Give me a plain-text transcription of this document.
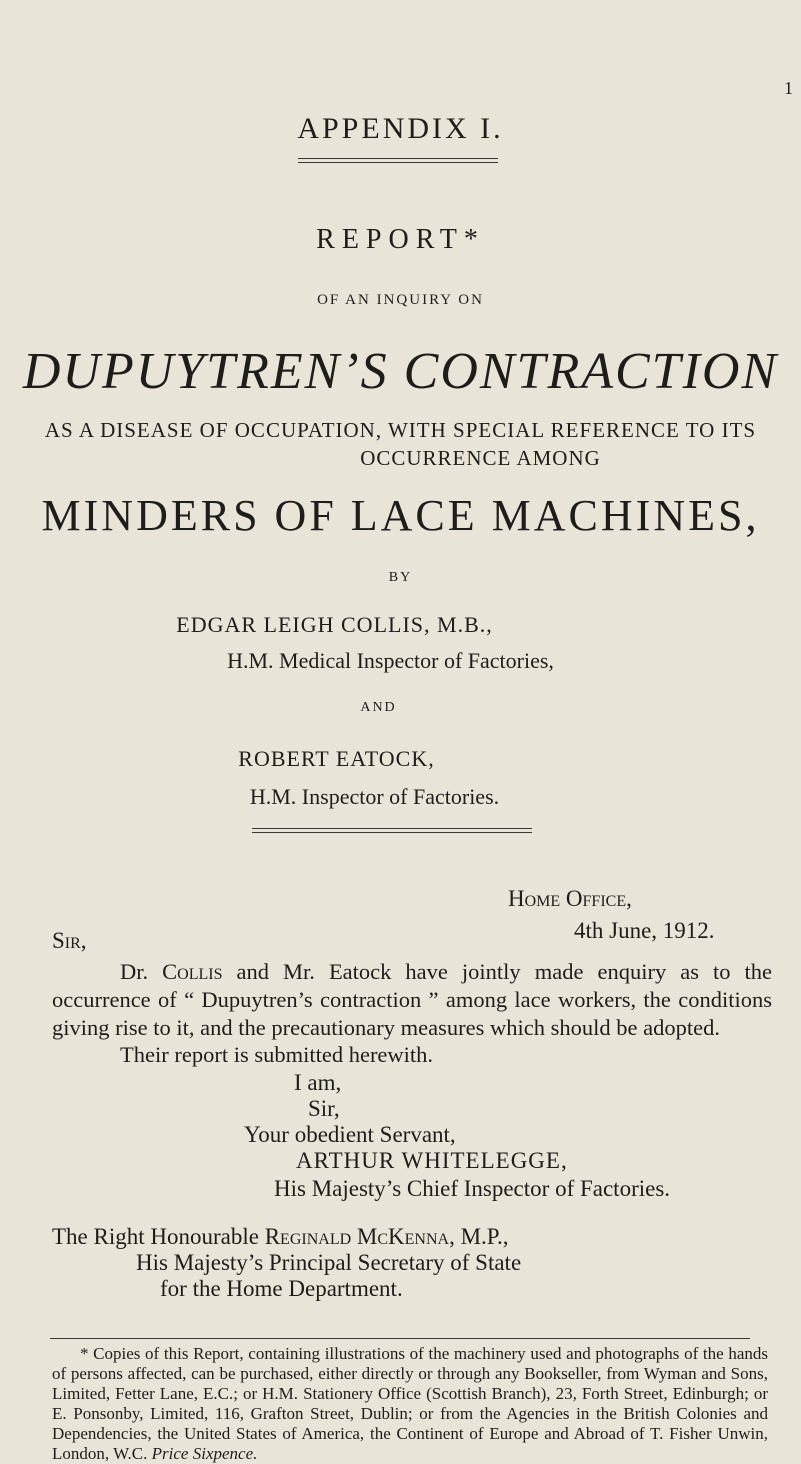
1
APPENDIX I.
REPORT*
OF AN INQUIRY ON
DUPUYTREN’S CONTRACTION
AS A DISEASE OF OCCUPATION, WITH SPECIAL REFERENCE TO ITS
OCCURRENCE AMONG
MINDERS OF LACE MACHINES,
BY
EDGAR LEIGH COLLIS, M.B.,
H.M. Medical Inspector of Factories,
AND
ROBERT EATOCK,
H.M. Inspector of Factories.
Home Office,
4th June, 1912.
Sir,
Dr. Collis and Mr. Eatock have jointly made enquiry as to the occurrence of “ Dupuytren’s contraction ” among lace workers, the conditions giving rise to it, and the precautionary measures which should be adopted.
Their report is submitted herewith.
I am,
Sir,
Your obedient Servant,
ARTHUR WHITELEGGE,
His Majesty’s Chief Inspector of Factories.
The Right Honourable Reginald McKenna, M.P.,
His Majesty’s Principal Secretary of State
for the Home Department.
* Copies of this Report, containing illustrations of the machinery used and photographs of the hands of persons affected, can be purchased, either directly or through any Bookseller, from Wyman and Sons, Limited, Fetter Lane, E.C.; or H.M. Stationery Office (Scottish Branch), 23, Forth Street, Edinburgh; or E. Ponsonby, Limited, 116, Grafton Street, Dublin; or from the Agencies in the British Colonies and Dependencies, the United States of America, the Continent of Europe and Abroad of T. Fisher Unwin, London, W.C. Price Sixpence.
